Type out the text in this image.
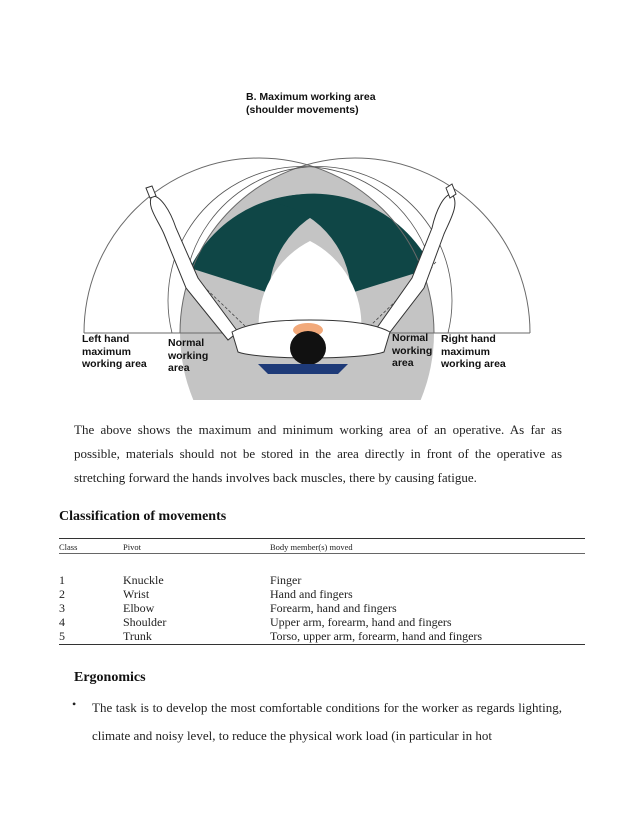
B. Maximum working area
(shoulder movements)
Left hand
maximum
working area
Normal
working
area
Normal
working
area
Right hand
maximum
working area

The above shows the maximum and minimum working area of an operative. As far as possible, materials should not be stored in the area directly in front of the operative as stretching forward the hands involves back muscles, there by causing fatigue.

Classification of movements
Class	Pivot	Body member(s) moved
1	Knuckle	Finger
2	Wrist	Hand and fingers
3	Elbow	Forearm, hand and fingers
4	Shoulder	Upper arm, forearm, hand and fingers
5	Trunk	Torso, upper arm, forearm, hand and fingers
Ergonomics
• The task is to develop the most comfortable conditions for the worker as regards lighting, climate and noisy level, to reduce the physical work load (in particular in hot
